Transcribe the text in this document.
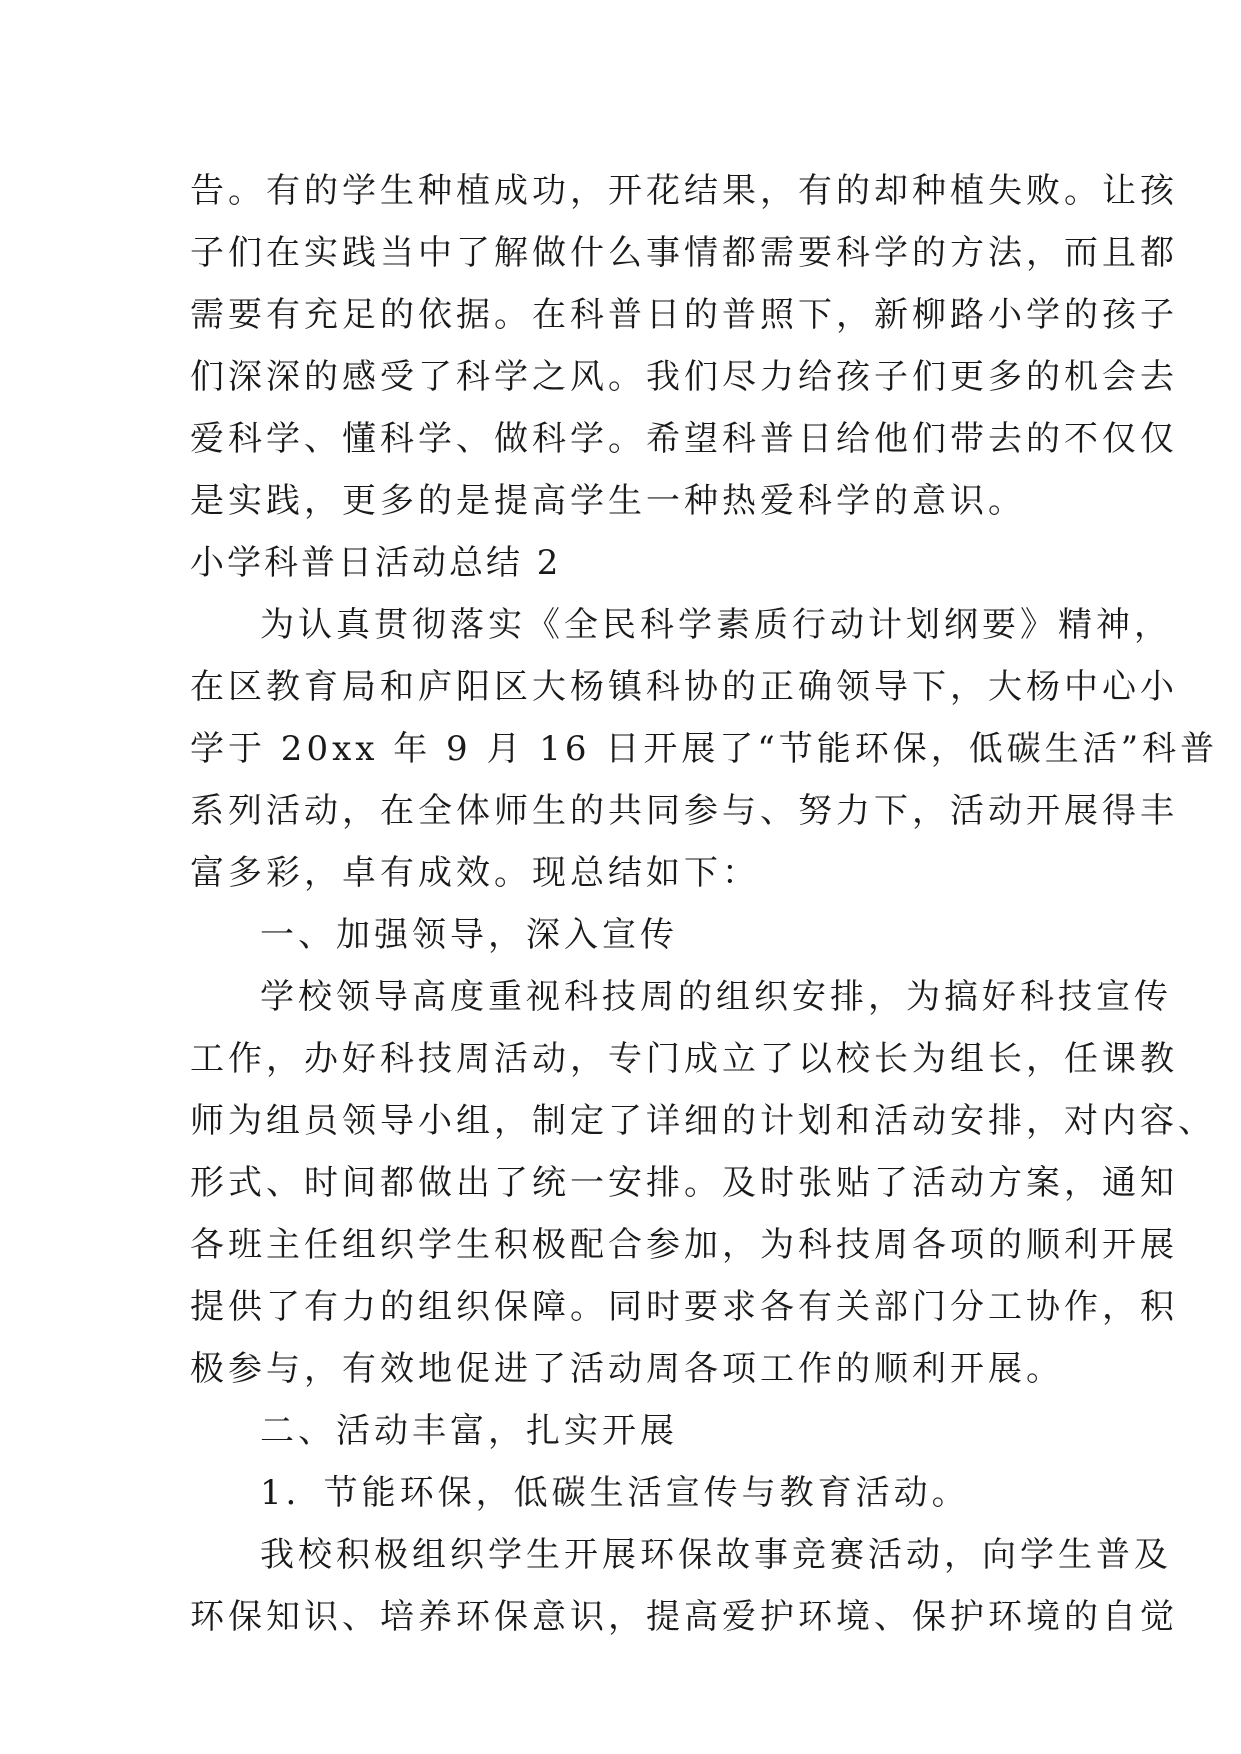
告。有的学生种植成功，开花结果，有的却种植失败。让孩
子们在实践当中了解做什么事情都需要科学的方法，而且都
需要有充足的依据。在科普日的普照下，新柳路小学的孩子
们深深的感受了科学之风。我们尽力给孩子们更多的机会去
爱科学、懂科学、做科学。希望科普日给他们带去的不仅仅
是实践，更多的是提高学生一种热爱科学的意识。
小学科普日活动总结 2
为认真贯彻落实《全民科学素质行动计划纲要》精神，
在区教育局和庐阳区大杨镇科协的正确领导下，大杨中心小
学于 20xx 年 9 月 16 日开展了“节能环保，低碳生活”科普
系列活动，在全体师生的共同参与、努力下，活动开展得丰
富多彩，卓有成效。现总结如下：
一、加强领导，深入宣传
学校领导高度重视科技周的组织安排，为搞好科技宣传
工作，办好科技周活动，专门成立了以校长为组长，任课教
师为组员领导小组，制定了详细的计划和活动安排，对内容、
形式、时间都做出了统一安排。及时张贴了活动方案，通知
各班主任组织学生积极配合参加，为科技周各项的顺利开展
提供了有力的组织保障。同时要求各有关部门分工协作，积
极参与，有效地促进了活动周各项工作的顺利开展。
二、活动丰富，扎实开展
1．节能环保，低碳生活宣传与教育活动。
我校积极组织学生开展环保故事竞赛活动，向学生普及
环保知识、培养环保意识，提高爱护环境、保护环境的自觉
